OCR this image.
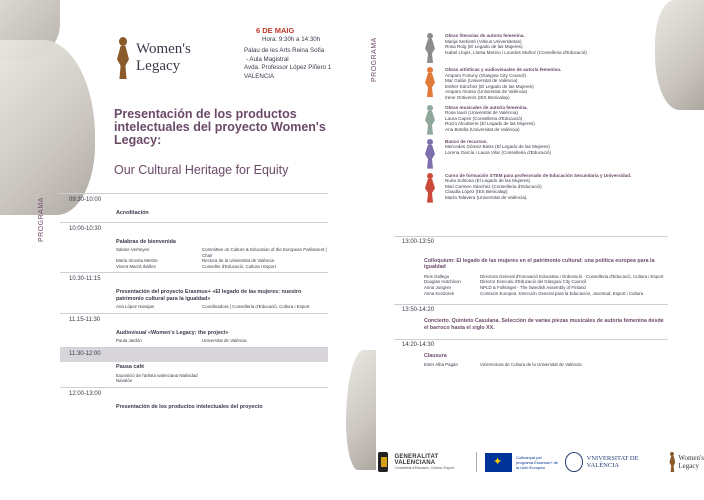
Women's
Legacy
6 DE MAIG
Hora: 9:30h a 14:30h
Palau de les Arts Reina Sofia
- Aula Magistral
Avda. Professor López Piñero 1
VALENCIA
Presentación de los productos intelectuales del proyecto Women's Legacy:
Our Cultural Heritage for Equity
PROGRAMA
PROGRAMA
09:30-10:00
Acreditación
10:00-10:30
Palabras de bienvenida
Sabine Verheyen	Committee on Culture & Education of the European Parliament | Chair
María Vicenta Mestre	Rectora de la Universitat de València
Vicent Marzà Ibáñez	Conseller d'Educació, Cultura i Esport
10.30-11:15
Presentación del proyecto Erasmus+ «El legado de las mujeres: nuestro patrimonio cultural para la igualdad»
Ana López Navajas	Coordinadora | Conselleria d'Educació, Cultura i Esport
11.15-11:30
Audiovisual «Women's Legacy: the project»
Paula Jardón	Universitat de València
11:30-12:00
Pausa café
Exposició de l'artista valenciana Natividad Navalón
12:00-13:00
Presentación de los productos intelectuales del proyecto
Obras literarias de autoría femenina.
Marija Serbinté (Vilnius Universitetas)
Rosa Roig (El Legado de las Mujeres)
Isabel Llopis, Lluïsa Merino i Lourdes Muñoz (Conselleria d'Educació)
Obras artísticas y audiovisuales de autoría femenina.
Amparo Fortuny (Glasgow City Council)
Mar Galán (Universitat de València)
Esther Sánchez (El Legado de las Mujeres)
Amparo Alonso (Universitat de València)
Irene Ontiveros (IES Benicalap)
Obras musicales de autoría femenina.
Rosa Iausí (Universitat de València)
Laura Capsir (Conselleria d'Educació)
Rocío Alcubierre (El Legado de las Mujeres)
Ana Botella (Universitat de València)
Banco de recursos.
Mercedes Gómez Biess (El Legado de las Mujeres)
Lorena García i Laura Vilar (Conselleria d'Educació)
Curso de formación STEM para profesorado de Educación Secundaria y Universidad.
Nuria Solsona (El Legado de las Mujeres)
Mari Carmen Sánchez (Conselleria d'Educació)
Claudia López (IES Benicalap)
María Talavera (Universitat de València).
13:00-13:50
Colloquium: El legado de las mujeres en el patrimonio cultural: una política europea para la igualdad
Reis Gallego	Directora General d'Innovació Educativa i Ordenació · Conselleria d'Educació, Cultura i Esport
Douglas Hutchison	Director Executiu d'Educació del Glasgow City Council.
Anna Jungner	NPLD & Folktinget - The Swedish Assembly of Finland
Anna Kezdorek	Comisión Europea. Dirección General para la Educación, Juventud, Esport i Cultura
13:50-14:20
Concierto. Quinteto Casulana. Selección de varias piezas musicales de autoría femenina desde el barroco hasta el siglo XX.
14:20-14:30
Clausura
Ester Alba Pagán	Vicerrectora de Cultura de la Universitat de València
GENERALITAT VALENCIANA
Conselleria d'Educació, Cultura i Esport
✦
Cofinançat pel programa Erasmus+ de la Unió Europea
VNIVERSITAT DE VALÈNCIA
Women's
Legacy
